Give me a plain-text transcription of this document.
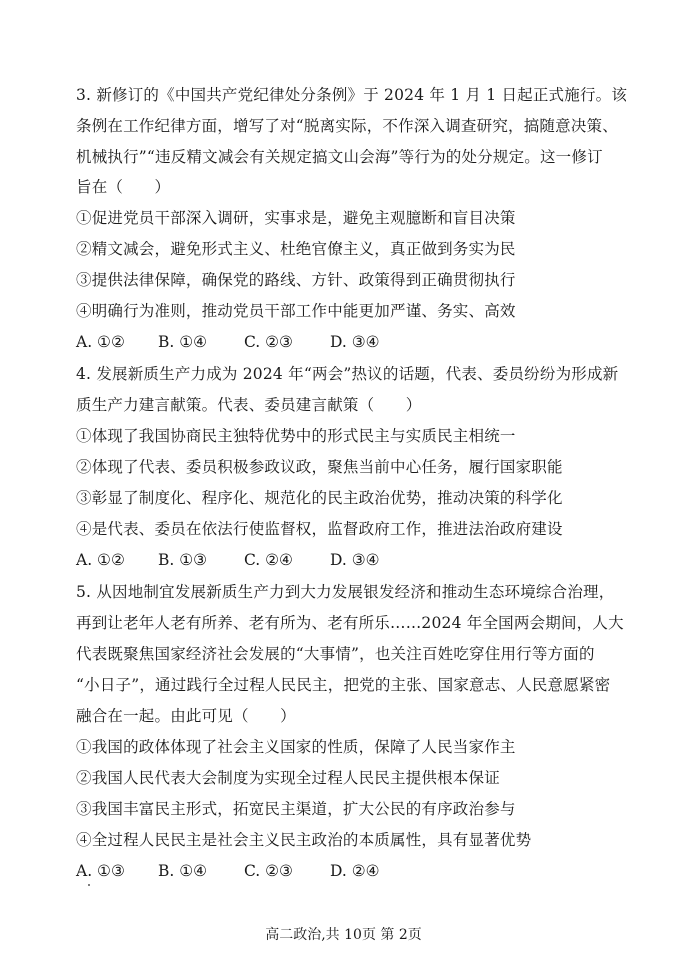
3. 新修订的《中国共产党纪律处分条例》于 2024 年 1 月 1 日起正式施行。该
条例在工作纪律方面，增写了对“脱离实际，不作深入调查研究，搞随意决策、
机械执行”“违反精文减会有关规定搞文山会海”等行为的处分规定。这一修订
旨在（　　）
①促进党员干部深入调研，实事求是，避免主观臆断和盲目决策
②精文减会，避免形式主义、杜绝官僚主义，真正做到务实为民
③提供法律保障，确保党的路线、方针、政策得到正确贯彻执行
④明确行为准则，推动党员干部工作中能更加严谨、务实、高效
A. ①② B. ①④ C. ②③ D. ③④
4. 发展新质生产力成为 2024 年“两会”热议的话题，代表、委员纷纷为形成新
质生产力建言献策。代表、委员建言献策（　　）
①体现了我国协商民主独特优势中的形式民主与实质民主相统一
②体现了代表、委员积极参政议政，聚焦当前中心任务，履行国家职能
③彰显了制度化、程序化、规范化的民主政治优势，推动决策的科学化
④是代表、委员在依法行使监督权，监督政府工作，推进法治政府建设
A. ①② B. ①③ C. ②④ D. ③④
5. 从因地制宜发展新质生产力到大力发展银发经济和推动生态环境综合治理，
再到让老年人老有所养、老有所为、老有所乐……2024 年全国两会期间，人大
代表既聚焦国家经济社会发展的“大事情”，也关注百姓吃穿住用行等方面的
“小日子”，通过践行全过程人民民主，把党的主张、国家意志、人民意愿紧密
融合在一起。由此可见（　　）
①我国的政体体现了社会主义国家的性质，保障了人民当家作主
②我国人民代表大会制度为实现全过程人民民主提供根本保证
③我国丰富民主形式，拓宽民主渠道，扩大公民的有序政治参与
④全过程人民民主是社会主义民主政治的本质属性，具有显著优势
A. ①③ B. ①④ C. ②③ D. ②④
高二政治,共 10页 第 2页
